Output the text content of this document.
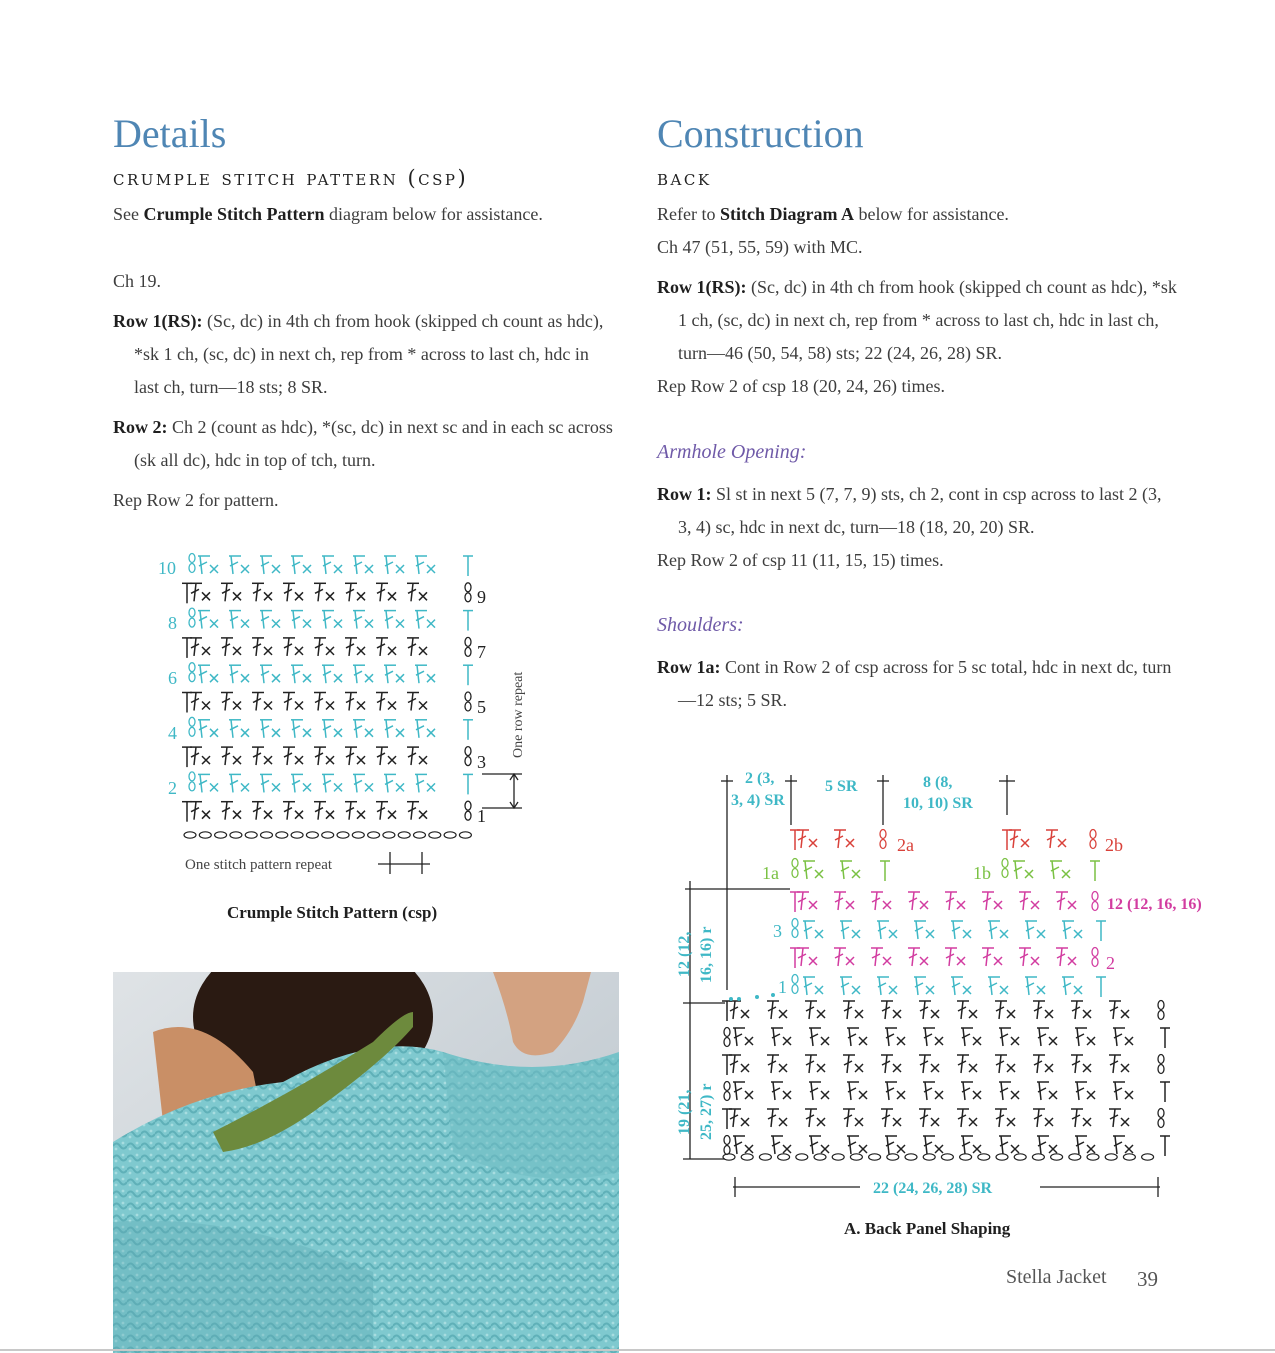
Details
crumple stitch pattern (csp)
See Crumple Stitch Pattern diagram below for assistance.
Ch 19.
Row 1(RS): (Sc, dc) in 4th ch from hook (skipped ch count as hdc), *sk 1 ch, (sc, dc) in next ch, rep from * across to last ch, hdc in last ch, turn—18 sts; 8 SR.
Row 2: Ch 2 (count as hdc), *(sc, dc) in next sc and in each sc across (sk all dc), hdc in top of tch, turn.
Rep Row 2 for pattern.
10
8
6
4
2
9
7
5
3
1
One row repeat
One stitch pattern repeat
Crumple Stitch Pattern (csp)
Construction
back
Refer to Stitch Diagram A below for assistance.
Ch 47 (51, 55, 59) with MC.
Row 1(RS): (Sc, dc) in 4th ch from hook (skipped ch count as hdc), *sk 1 ch, (sc, dc) in next ch, rep from * across to last ch, hdc in last ch, turn—46 (50, 54, 58) sts; 22 (24, 26, 28) SR.
Rep Row 2 of csp 18 (20, 24, 26) times.
Armhole Opening:
Row 1: Sl st in next 5 (7, 7, 9) sts, ch 2, cont in csp across to last 2 (3, 3, 4) sc, hdc in next dc, turn—18 (18, 20, 20) SR.
Rep Row 2 of csp 11 (11, 15, 15) times.
Shoulders:
Row 1a: Cont in Row 2 of csp across for 5 sc total, hdc in next dc, turn—12 sts; 5 SR.
2 (3,
3, 4) SR
5 SR	8 (8,
10, 10) SR
12 (12, 16, 16) r
19 (21, 25, 27) r
22 (24, 26, 28) SR
2a	2b
1a	1b
12 (12, 16, 16)
3
2
1
A. Back Panel Shaping
Stella Jacket 39
